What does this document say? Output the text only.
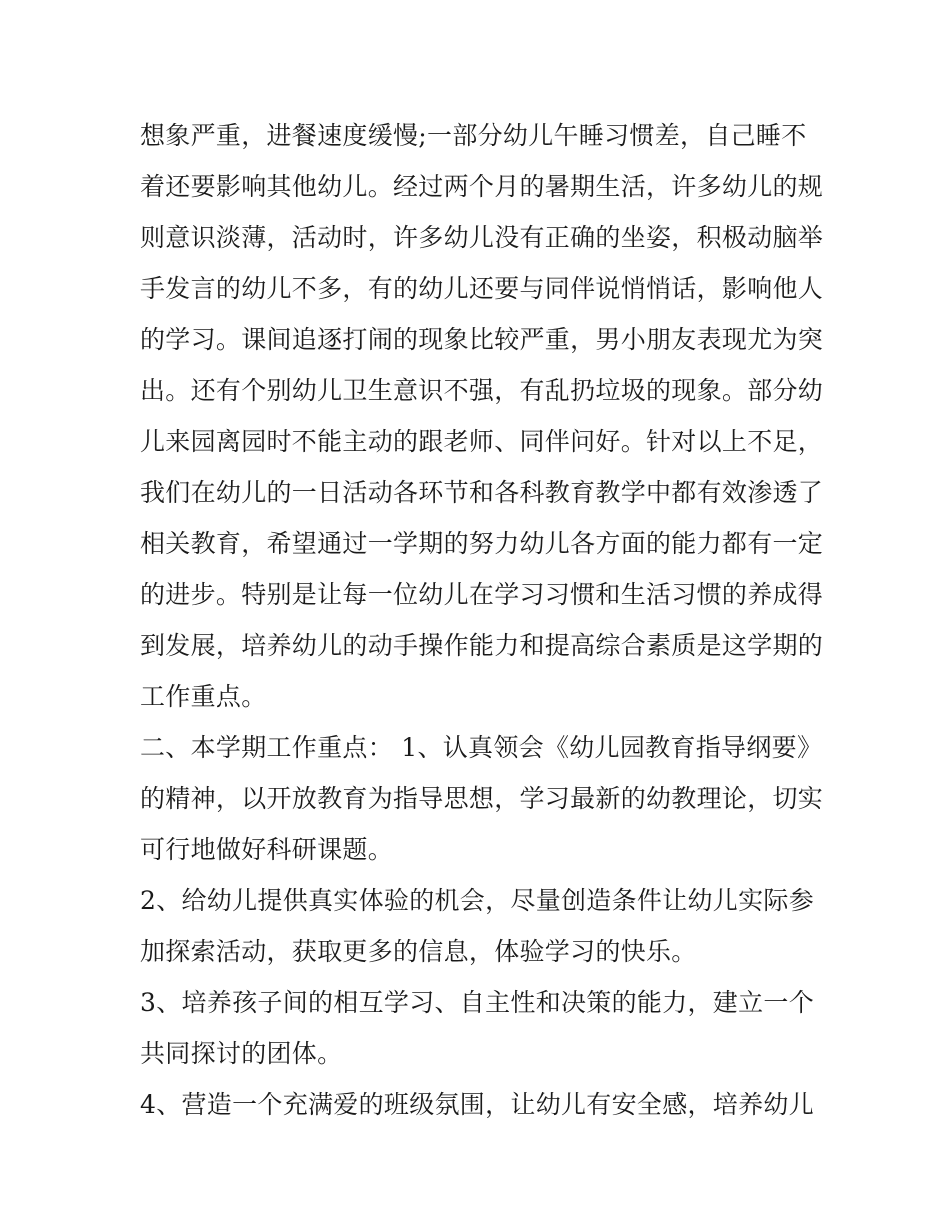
想象严重，进餐速度缓慢;一部分幼儿午睡习惯差，自己睡不
着还要影响其他幼儿。经过两个月的暑期生活，许多幼儿的规
则意识淡薄，活动时，许多幼儿没有正确的坐姿，积极动脑举
手发言的幼儿不多，有的幼儿还要与同伴说悄悄话，影响他人
的学习。课间追逐打闹的现象比较严重，男小朋友表现尤为突
出。还有个别幼儿卫生意识不强，有乱扔垃圾的现象。部分幼
儿来园离园时不能主动的跟老师、同伴问好。针对以上不足，
我们在幼儿的一日活动各环节和各科教育教学中都有效渗透了
相关教育，希望通过一学期的努力幼儿各方面的能力都有一定
的进步。特别是让每一位幼儿在学习习惯和生活习惯的养成得
到发展，培养幼儿的动手操作能力和提高综合素质是这学期的
工作重点。
二、本学期工作重点： 1、认真领会《幼儿园教育指导纲要》
的精神，以开放教育为指导思想，学习最新的幼教理论，切实
可行地做好科研课题。
2、给幼儿提供真实体验的机会，尽量创造条件让幼儿实际参
加探索活动，获取更多的信息，体验学习的快乐。
3、培养孩子间的相互学习、自主性和决策的能力，建立一个
共同探讨的团体。
4、营造一个充满爱的班级氛围，让幼儿有安全感，培养幼儿
